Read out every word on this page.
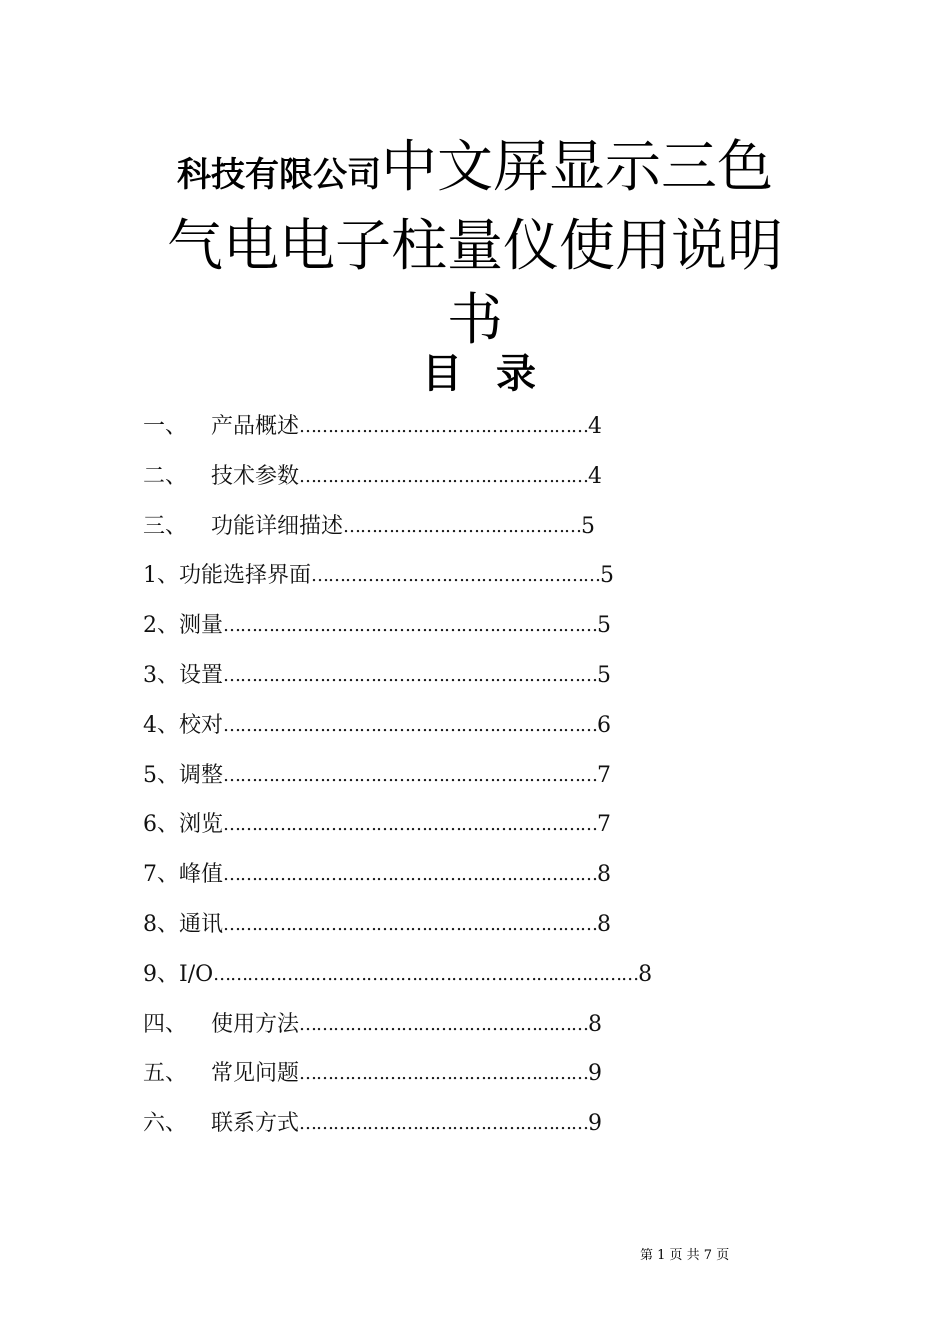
科技有限公司中文屏显示三色
气电电子柱量仪使用说明
书
目 录
一、	产品概述 …………………………………………… 4
二、	技术参数 …………………………………………… 4
三、	功能详细描述 …………………………………… 5
1、 功能选择界面 …………………………………………… 5
2、 测量 ………………………………………………………… 5
3、 设置 ………………………………………………………… 5
4、 校对 ………………………………………………………… 6
5、 调整 ………………………………………………………… 7
6、 浏览 ………………………………………………………… 7
7、 峰值 ………………………………………………………… 8
8、 通讯 ………………………………………………………… 8
9、 I/O ………………………………………………………………… 8
四、	使用方法 …………………………………………… 8
五、	常见问题 …………………………………………… 9
六、	联系方式 …………………………………………… 9
第 1 页 共 7 页
